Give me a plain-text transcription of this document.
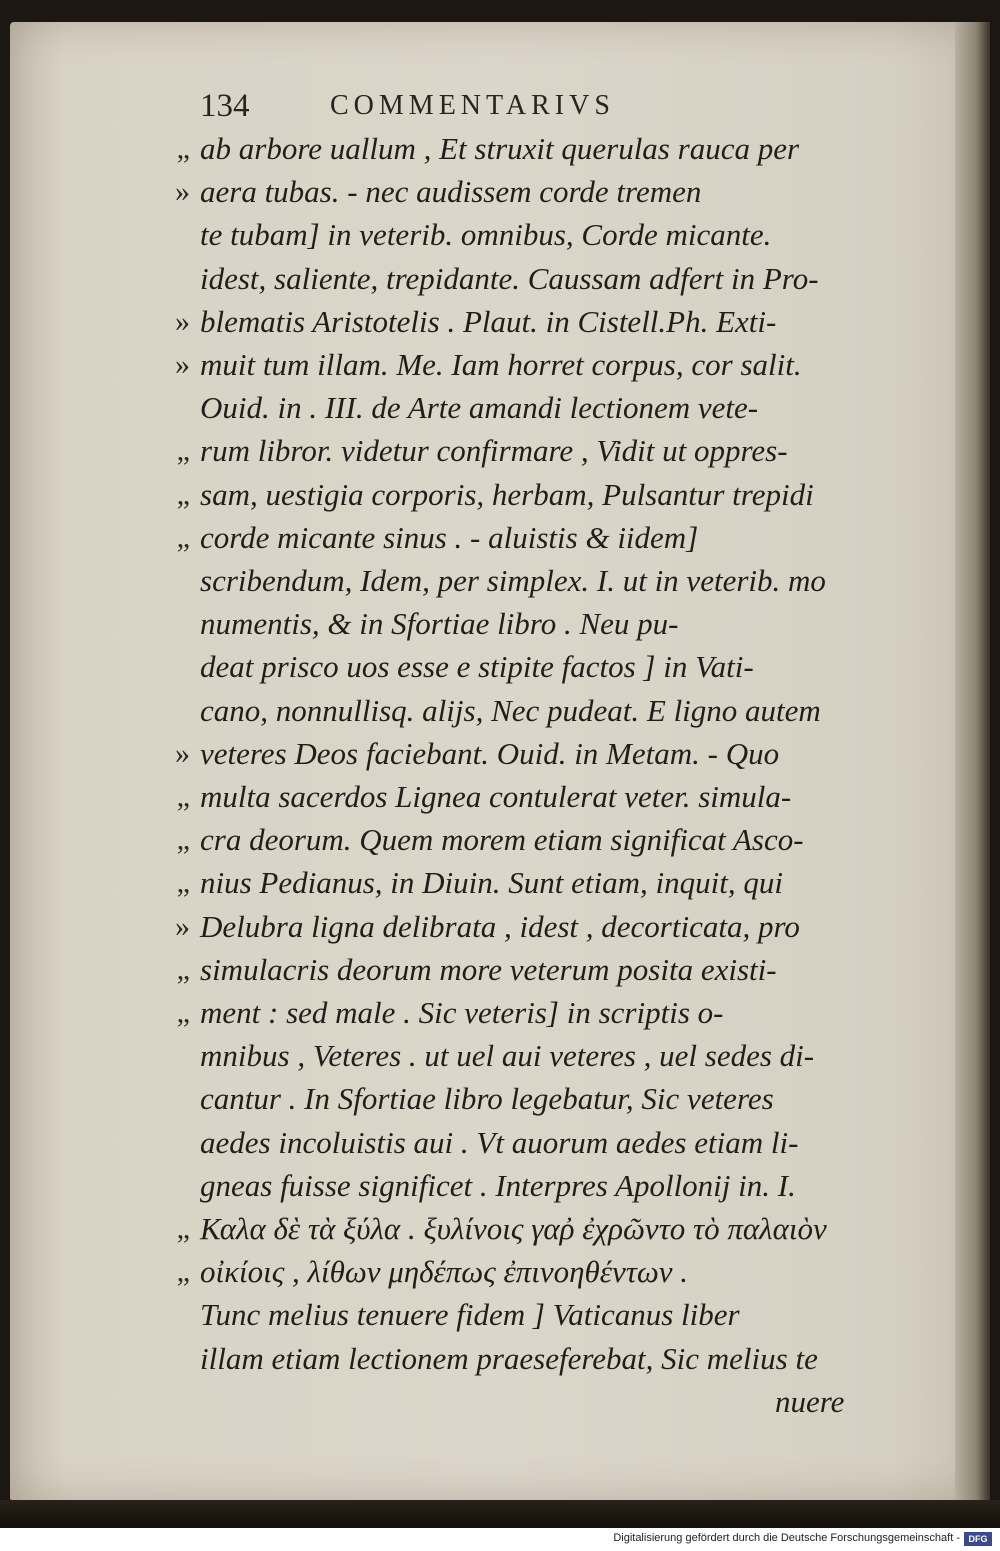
134	COMMENTARIVS
ab arbore uallum , Et struxit querulas rauca per
„
aera tubas. - nec audissem corde tremen
»
te tubam] in veterib. omnibus, Corde micante.
idest, saliente, trepidante. Caussam adfert in Pro-
blematis Aristotelis . Plaut. in Cistell.Ph. Exti-
»
muit tum illam. Me. Iam horret corpus, cor salit.
»
Ouid. in . III. de Arte amandi lectionem vete-
rum libror. videtur confirmare , Vidit ut oppres-
„
sam, uestigia corporis, herbam, Pulsantur trepidi
„
corde micante sinus . - aluistis & iidem]
„
scribendum, Idem, per simplex. I. ut in veterib. mo
numentis, & in Sfortiae libro . Neu pu-
deat prisco uos esse e stipite factos ] in Vati-
cano, nonnullisq. alijs, Nec pudeat. E ligno autem
veteres Deos faciebant. Ouid. in Metam. - Quo
»
multa sacerdos Lignea contulerat veter. simula-
„
cra deorum. Quem morem etiam significat Asco-
„
nius Pedianus, in Diuin. Sunt etiam, inquit, qui
„
Delubra ligna delibrata , idest , decorticata, pro
»
simulacris deorum more veterum posita existi-
„
ment : sed male . Sic veteris] in scriptis o-
„
mnibus , Veteres . ut uel aui veteres , uel sedes di-
cantur . In Sfortiae libro legebatur, Sic veteres
aedes incoluistis aui . Vt auorum aedes etiam li-
gneas fuisse significet . Interpres Apollonij in. I.
Καλα δὲ τὰ ξύλα . ξυλίνοις γαῤ ἐχρῶντο τὸ παλαιὸν
„
οἰκίοις , λίθων μηδέπως ἐπινοηθέντων .
„
Tunc melius tenuere fidem ] Vaticanus liber
illam etiam lectionem praeseferebat, Sic melius te
nuere
Digitalisierung gefördert durch die Deutsche Forschungsgemeinschaft - DFG
